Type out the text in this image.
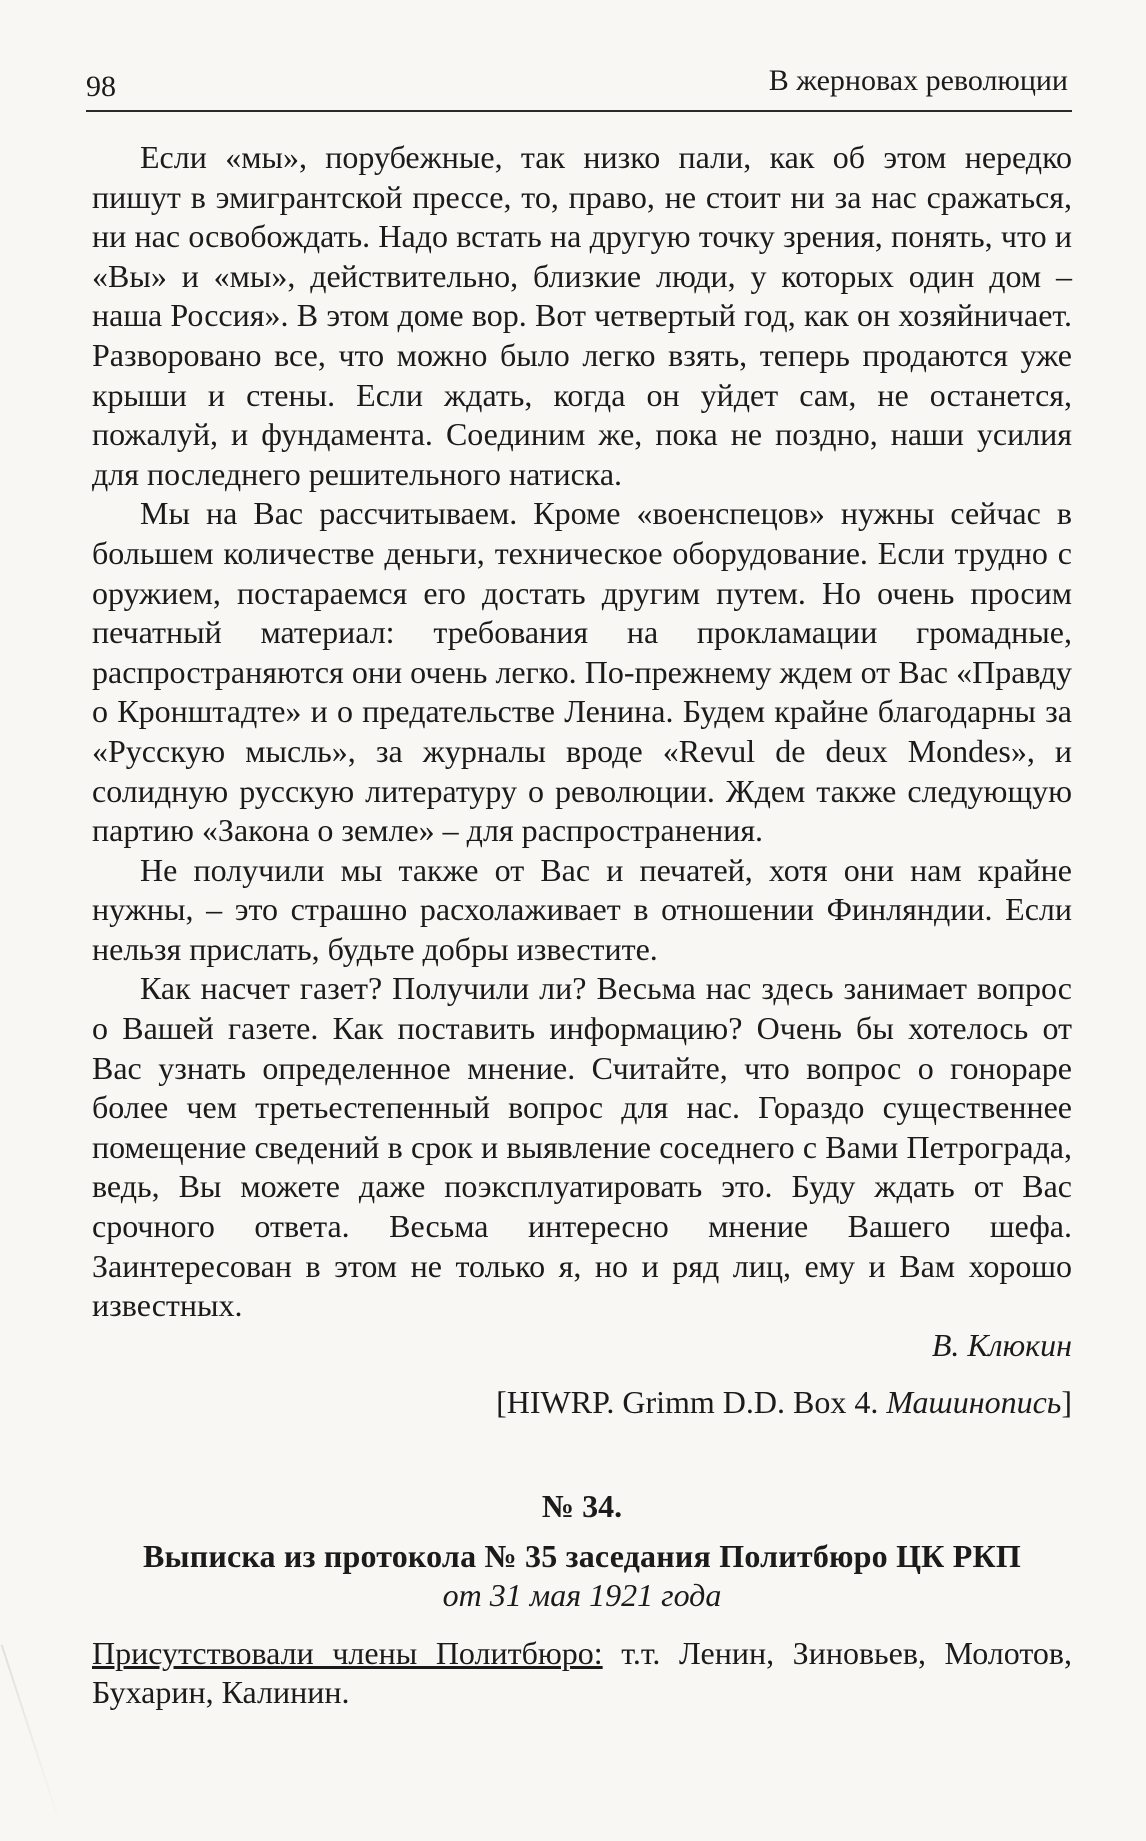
98	В жерновах революции

Если «мы», порубежные, так низко пали, как об этом нередко пишут в эмигрантской прессе, то, право, не стоит ни за нас сражаться, ни нас освобождать. Надо встать на другую точку зрения, понять, что и «Вы» и «мы», действительно, близкие люди, у которых один дом – наша Россия». В этом доме вор. Вот четвертый год, как он хозяйничает. Разворовано все, что можно было легко взять, теперь продаются уже крыши и стены. Если ждать, когда он уйдет сам, не останется, пожалуй, и фундамента. Соединим же, пока не поздно, наши усилия для последнего решительного натиска.

Мы на Вас рассчитываем. Кроме «военспецов» нужны сейчас в большем количестве деньги, техническое оборудование. Если трудно с оружием, постараемся его достать другим путем. Но очень просим печатный материал: требования на прокламации громадные, распространяются они очень легко. По-прежнему ждем от Вас «Правду о Кронштадте» и о предательстве Ленина. Будем крайне благодарны за «Русскую мысль», за журналы вроде «Revul de deux Mondes», и солидную русскую литературу о революции. Ждем также следующую партию «Закона о земле» – для распространения.

Не получили мы также от Вас и печатей, хотя они нам крайне нужны, – это страшно расхолаживает в отношении Финляндии. Если нельзя прислать, будьте добры известите.

Как насчет газет? Получили ли? Весьма нас здесь занимает вопрос о Вашей газете. Как поставить информацию? Очень бы хотелось от Вас узнать определенное мнение. Считайте, что вопрос о гонораре более чем третьестепенный вопрос для нас. Гораздо существеннее помещение сведений в срок и выявление соседнего с Вами Петрограда, ведь, Вы можете даже поэксплуатировать это. Буду ждать от Вас срочного ответа. Весьма интересно мнение Вашего шефа. Заинтересован в этом не только я, но и ряд лиц, ему и Вам хорошо известных.

В. Клюкин

[HIWRP. Grimm D.D. Box 4. Машинопись]

№ 34.

Выписка из протокола № 35 заседания Политбюро ЦК РКП

от 31 мая 1921 года

Присутствовали члены Политбюро: т.т. Ленин, Зиновьев, Молотов, Бухарин, Калинин.
